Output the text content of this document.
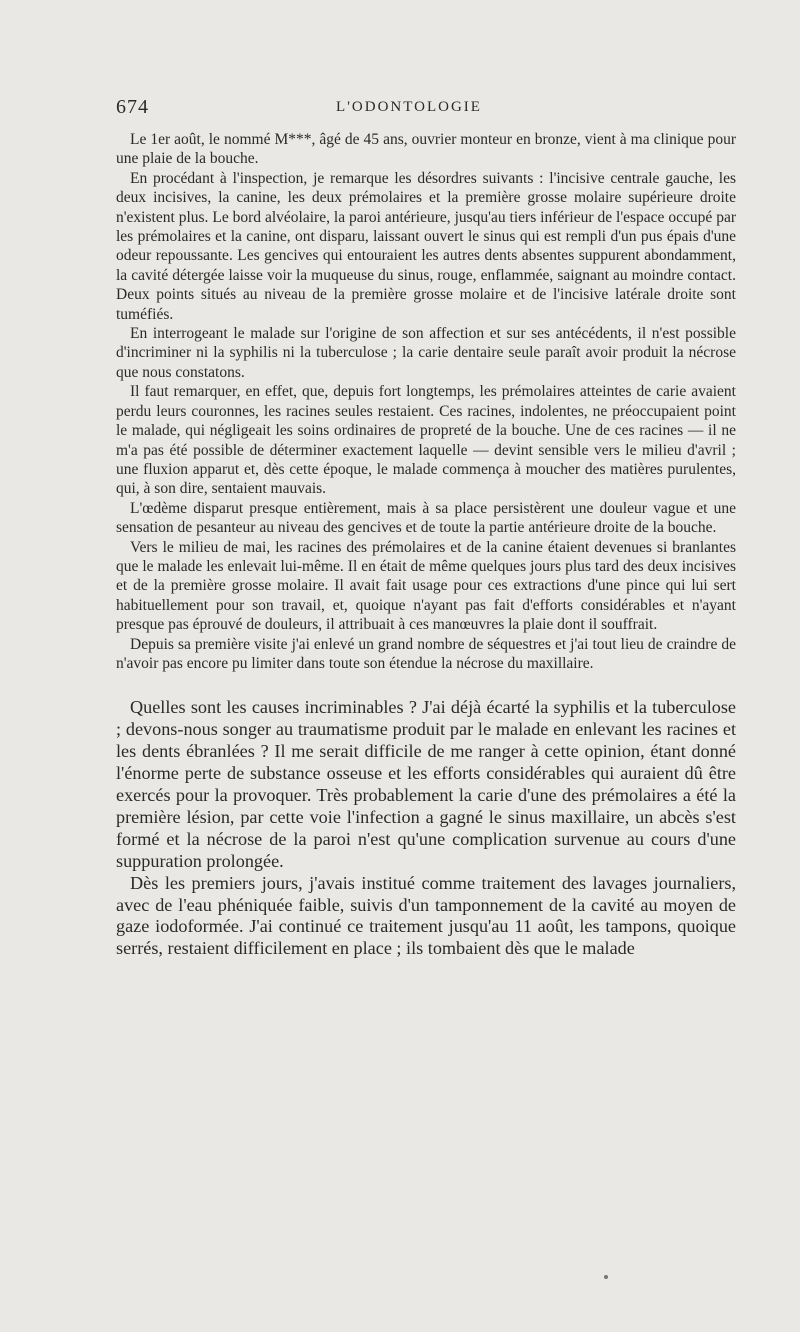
674	L'ODONTOLOGIE

Le 1er août, le nommé M***, âgé de 45 ans, ouvrier monteur en bronze, vient à ma clinique pour une plaie de la bouche.

En procédant à l'inspection, je remarque les désordres suivants : l'incisive centrale gauche, les deux incisives, la canine, les deux prémolaires et la première grosse molaire supérieure droite n'existent plus. Le bord alvéolaire, la paroi antérieure, jusqu'au tiers inférieur de l'espace occupé par les prémolaires et la canine, ont disparu, laissant ouvert le sinus qui est rempli d'un pus épais d'une odeur repoussante. Les gencives qui entouraient les autres dents absentes suppurent abondamment, la cavité détergée laisse voir la muqueuse du sinus, rouge, enflammée, saignant au moindre contact. Deux points situés au niveau de la première grosse molaire et de l'incisive latérale droite sont tuméfiés.

En interrogeant le malade sur l'origine de son affection et sur ses antécédents, il n'est possible d'incriminer ni la syphilis ni la tuberculose ; la carie dentaire seule paraît avoir produit la nécrose que nous constatons.

Il faut remarquer, en effet, que, depuis fort longtemps, les prémolaires atteintes de carie avaient perdu leurs couronnes, les racines seules restaient. Ces racines, indolentes, ne préoccupaient point le malade, qui négligeait les soins ordinaires de propreté de la bouche. Une de ces racines — il ne m'a pas été possible de déterminer exactement laquelle — devint sensible vers le milieu d'avril ; une fluxion apparut et, dès cette époque, le malade commença à moucher des matières purulentes, qui, à son dire, sentaient mauvais.

L'œdème disparut presque entièrement, mais à sa place persistèrent une douleur vague et une sensation de pesanteur au niveau des gencives et de toute la partie antérieure droite de la bouche.

Vers le milieu de mai, les racines des prémolaires et de la canine étaient devenues si branlantes que le malade les enlevait lui-même. Il en était de même quelques jours plus tard des deux incisives et de la première grosse molaire. Il avait fait usage pour ces extractions d'une pince qui lui sert habituellement pour son travail, et, quoique n'ayant pas fait d'efforts considérables et n'ayant presque pas éprouvé de douleurs, il attribuait à ces manœuvres la plaie dont il souffrait.

Depuis sa première visite j'ai enlevé un grand nombre de séquestres et j'ai tout lieu de craindre de n'avoir pas encore pu limiter dans toute son étendue la nécrose du maxillaire.

Quelles sont les causes incriminables ? J'ai déjà écarté la syphilis et la tuberculose ; devons-nous songer au traumatisme produit par le malade en enlevant les racines et les dents ébranlées ? Il me serait difficile de me ranger à cette opinion, étant donné l'énorme perte de substance osseuse et les efforts considérables qui auraient dû être exercés pour la provoquer. Très probablement la carie d'une des prémolaires a été la première lésion, par cette voie l'infection a gagné le sinus maxillaire, un abcès s'est formé et la nécrose de la paroi n'est qu'une complication survenue au cours d'une suppuration prolongée.

Dès les premiers jours, j'avais institué comme traitement des lavages journaliers, avec de l'eau phéniquée faible, suivis d'un tamponnement de la cavité au moyen de gaze iodoformée. J'ai continué ce traitement jusqu'au 11 août, les tampons, quoique serrés, restaient difficilement en place ; ils tombaient dès que le malade
